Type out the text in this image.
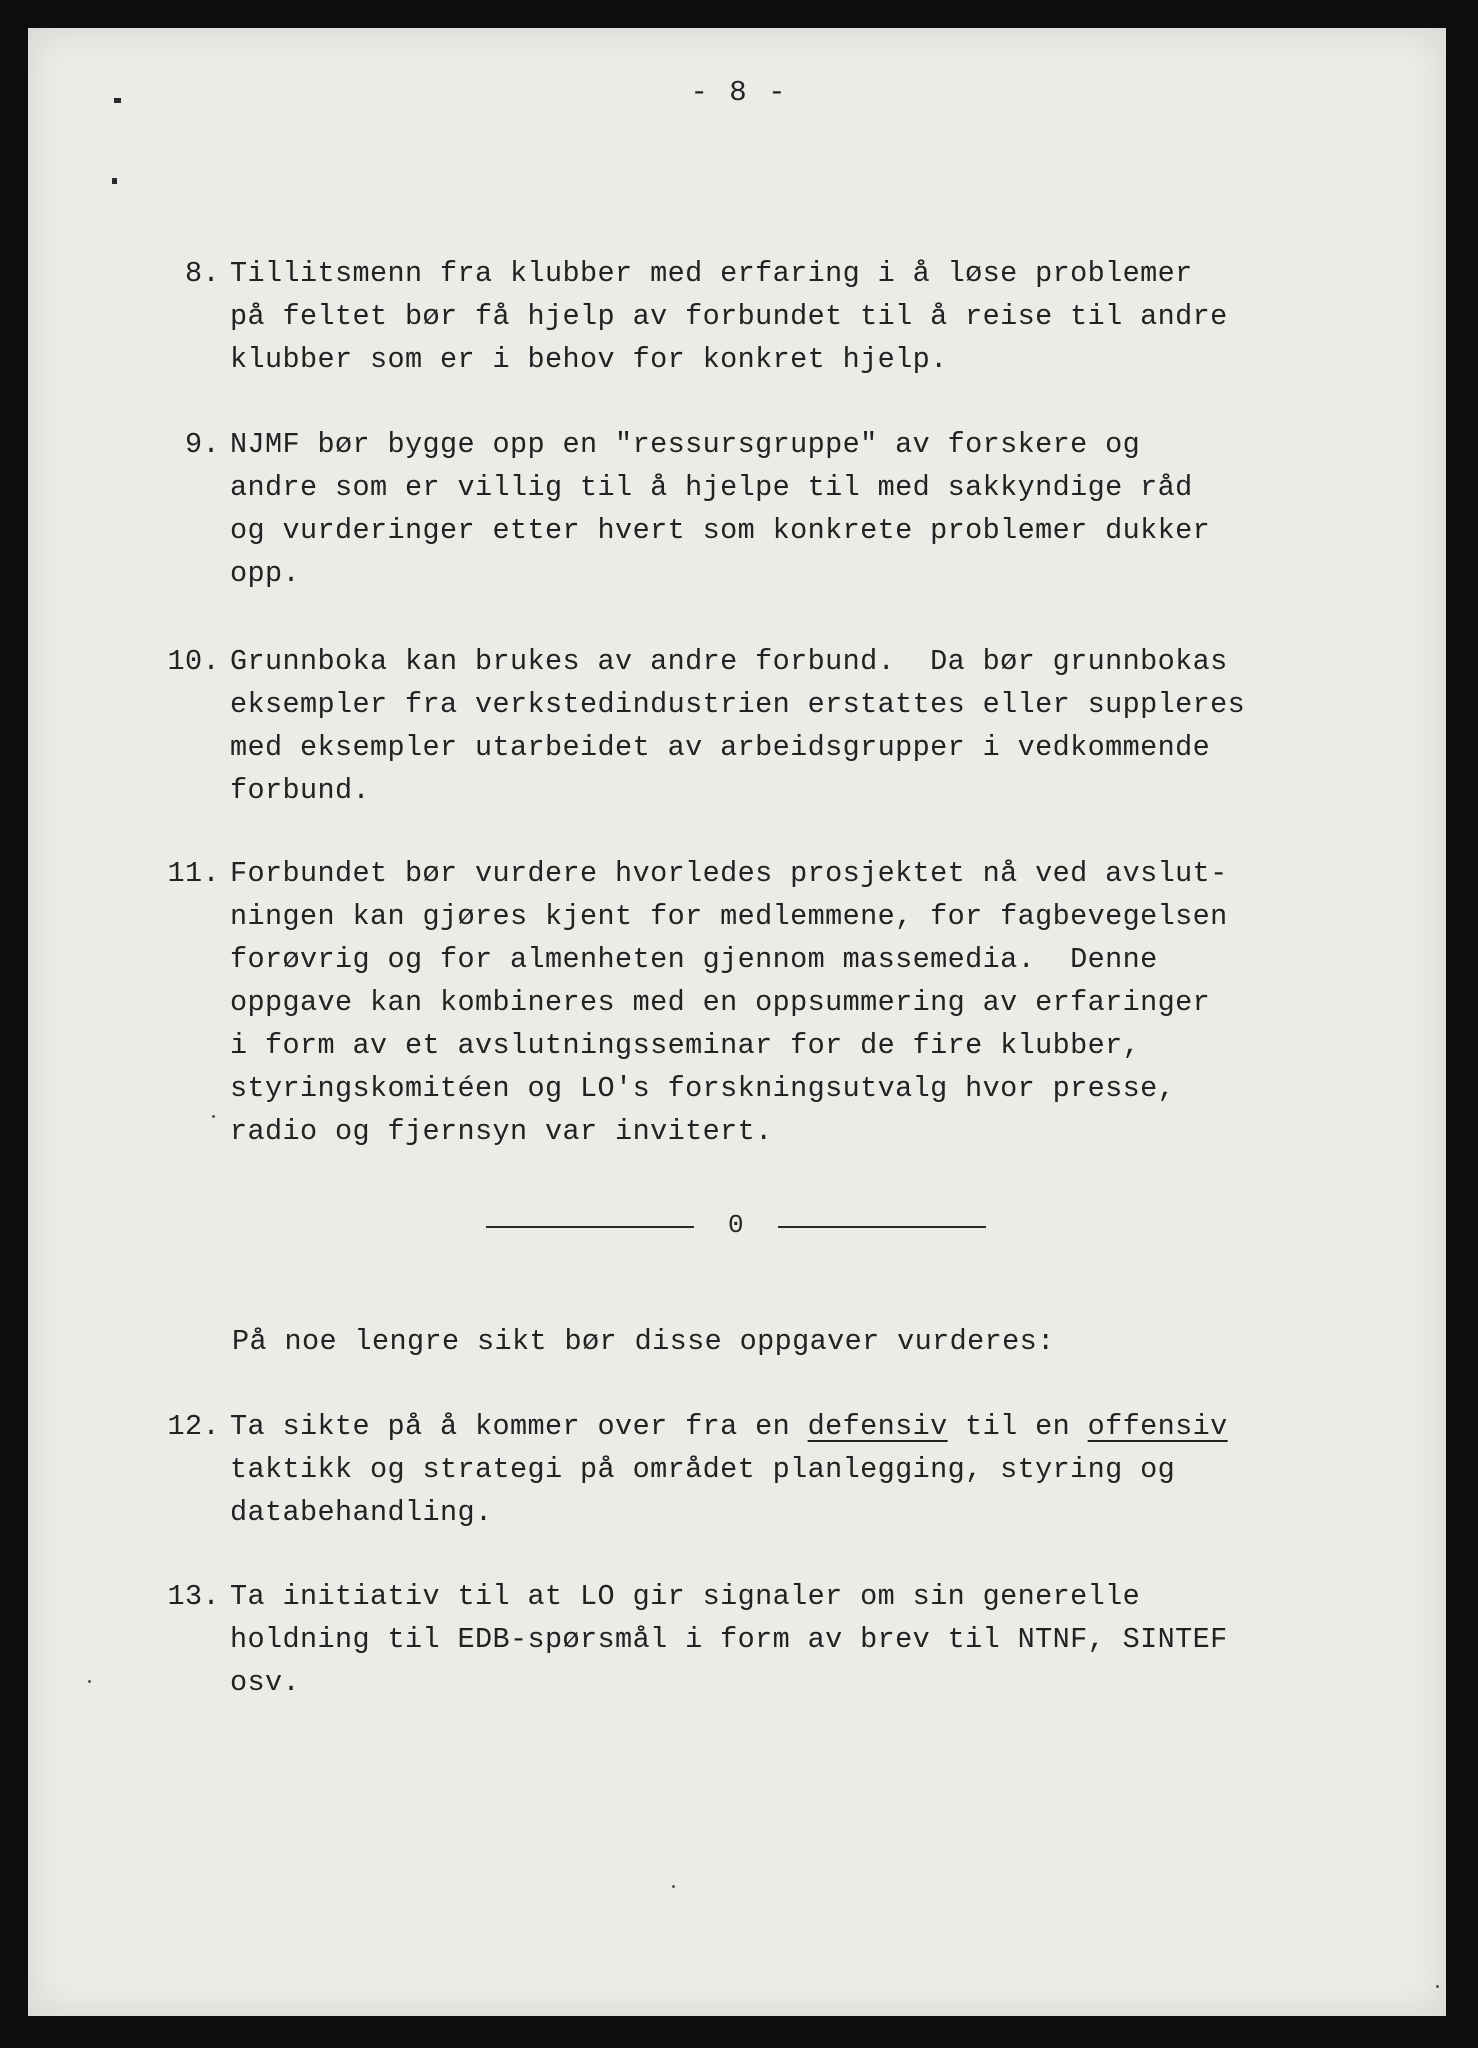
- 8 -
8. Tillitsmenn fra klubber med erfaring i å løse problemer
på feltet bør få hjelp av forbundet til å reise til andre
klubber som er i behov for konkret hjelp.
9. NJMF bør bygge opp en "ressursgruppe" av forskere og
andre som er villig til å hjelpe til med sakkyndige råd
og vurderinger etter hvert som konkrete problemer dukker
opp.
10. Grunnboka kan brukes av andre forbund.  Da bør grunnbokas
eksempler fra verkstedindustrien erstattes eller suppleres
med eksempler utarbeidet av arbeidsgrupper i vedkommende
forbund.
11. Forbundet bør vurdere hvorledes prosjektet nå ved avslut-
ningen kan gjøres kjent for medlemmene, for fagbevegelsen
forøvrig og for almenheten gjennom massemedia.  Denne
oppgave kan kombineres med en oppsummering av erfaringer
i form av et avslutningsseminar for de fire klubber,
styringskomitéen og LO's forskningsutvalg hvor presse,
radio og fjernsyn var invitert.
0
På noe lengre sikt bør disse oppgaver vurderes:
12. Ta sikte på å kommer over fra en defensiv til en offensiv
taktikk og strategi på området planlegging, styring og
databehandling.
13. Ta initiativ til at LO gir signaler om sin generelle
holdning til EDB-spørsmål i form av brev til NTNF, SINTEF
osv.
